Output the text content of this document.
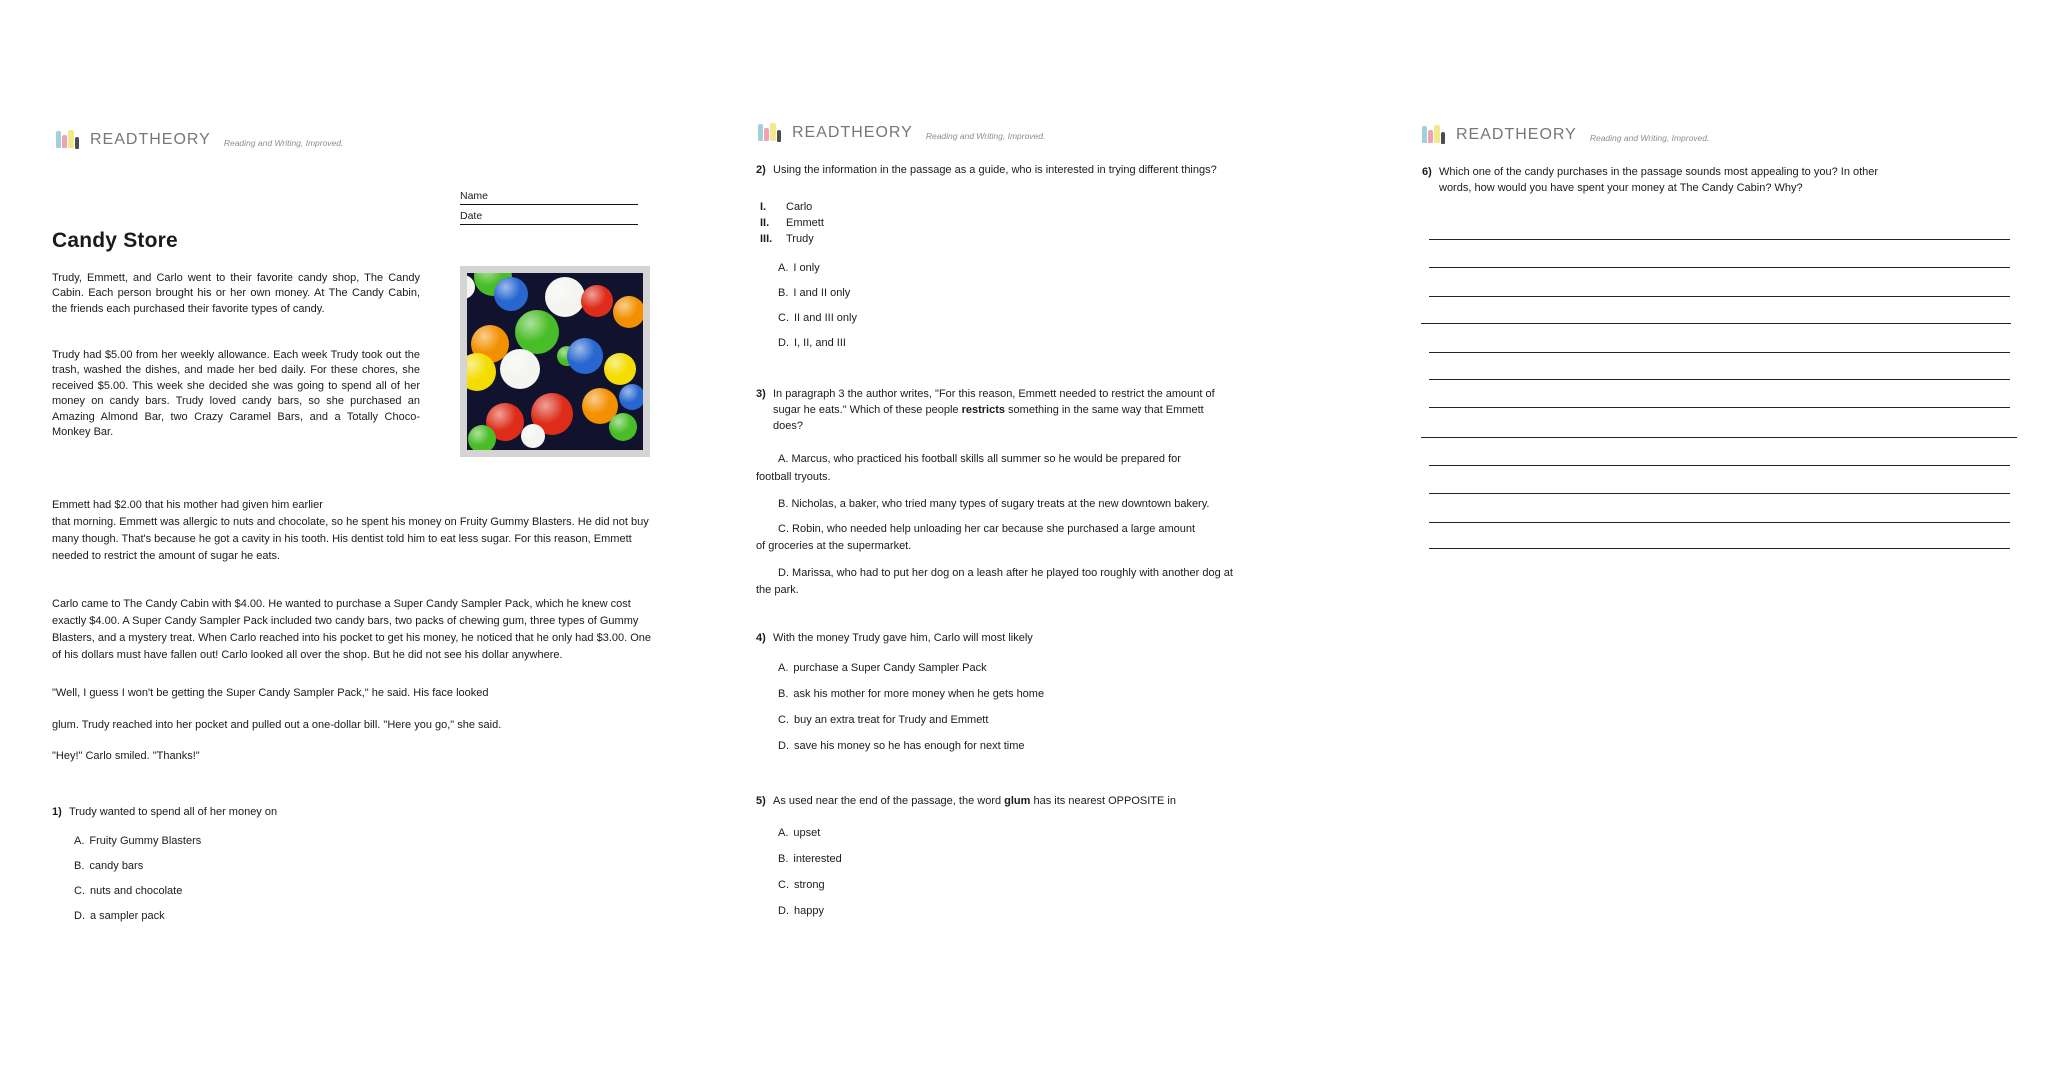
READTHEORY Reading and Writing, Improved.
Name
Date
Candy Store
Trudy, Emmett, and Carlo went to their favorite candy shop, The Candy Cabin. Each person brought his or her own money. At The Candy Cabin, the friends each purchased their favorite types of candy.
Trudy had $5.00 from her weekly allowance. Each week Trudy took out the trash, washed the dishes, and made her bed daily. For these chores, she received $5.00. This week she decided she was going to spend all of her money on candy bars. Trudy loved candy bars, so she purchased an Amazing Almond Bar, two Crazy Caramel Bars, and a Totally Choco-Monkey Bar.
Emmett had $2.00 that his mother had given him earlier
that morning. Emmett was allergic to nuts and chocolate, so he spent his money on Fruity Gummy Blasters. He did not buy many though. That's because he got a cavity in his tooth. His dentist told him to eat less sugar. For this reason, Emmett needed to restrict the amount of sugar he eats.
Carlo came to The Candy Cabin with $4.00. He wanted to purchase a Super Candy Sampler Pack, which he knew cost exactly $4.00. A Super Candy Sampler Pack included two candy bars, two packs of chewing gum, three types of Gummy Blasters, and a mystery treat. When Carlo reached into his pocket to get his money, he noticed that he only had $3.00. One of his dollars must have fallen out! Carlo looked all over the shop. But he did not see his dollar anywhere.
"Well, I guess I won't be getting the Super Candy Sampler Pack," he said. His face looked
glum. Trudy reached into her pocket and pulled out a one-dollar bill. "Here you go," she said.
"Hey!" Carlo smiled. "Thanks!"
1) Trudy wanted to spend all of her money on
A. Fruity Gummy Blasters
B. candy bars
C. nuts and chocolate
D. a sampler pack
READTHEORY Reading and Writing, Improved.
2) Using the information in the passage as a guide, who is interested in trying different things?
I. Carlo
II. Emmett
III. Trudy
A. I only
B. I and II only
C. II and III only
D. I, II, and III
3) In paragraph 3 the author writes, "For this reason, Emmett needed to restrict the amount of
sugar he eats." Which of these people restricts something in the same way that Emmett
does?
A. Marcus, who practiced his football skills all summer so he would be prepared for
football tryouts.
B. Nicholas, a baker, who tried many types of sugary treats at the new downtown bakery.
C. Robin, who needed help unloading her car because she purchased a large amount
of groceries at the supermarket.
D. Marissa, who had to put her dog on a leash after he played too roughly with another dog at
the park.
4) With the money Trudy gave him, Carlo will most likely
A. purchase a Super Candy Sampler Pack
B. ask his mother for more money when he gets home
C. buy an extra treat for Trudy and Emmett
D. save his money so he has enough for next time
5) As used near the end of the passage, the word glum has its nearest OPPOSITE in
A. upset
B. interested
C. strong
D. happy
READTHEORY Reading and Writing, Improved.
6) Which one of the candy purchases in the passage sounds most appealing to you? In other
words, how would you have spent your money at The Candy Cabin? Why?
